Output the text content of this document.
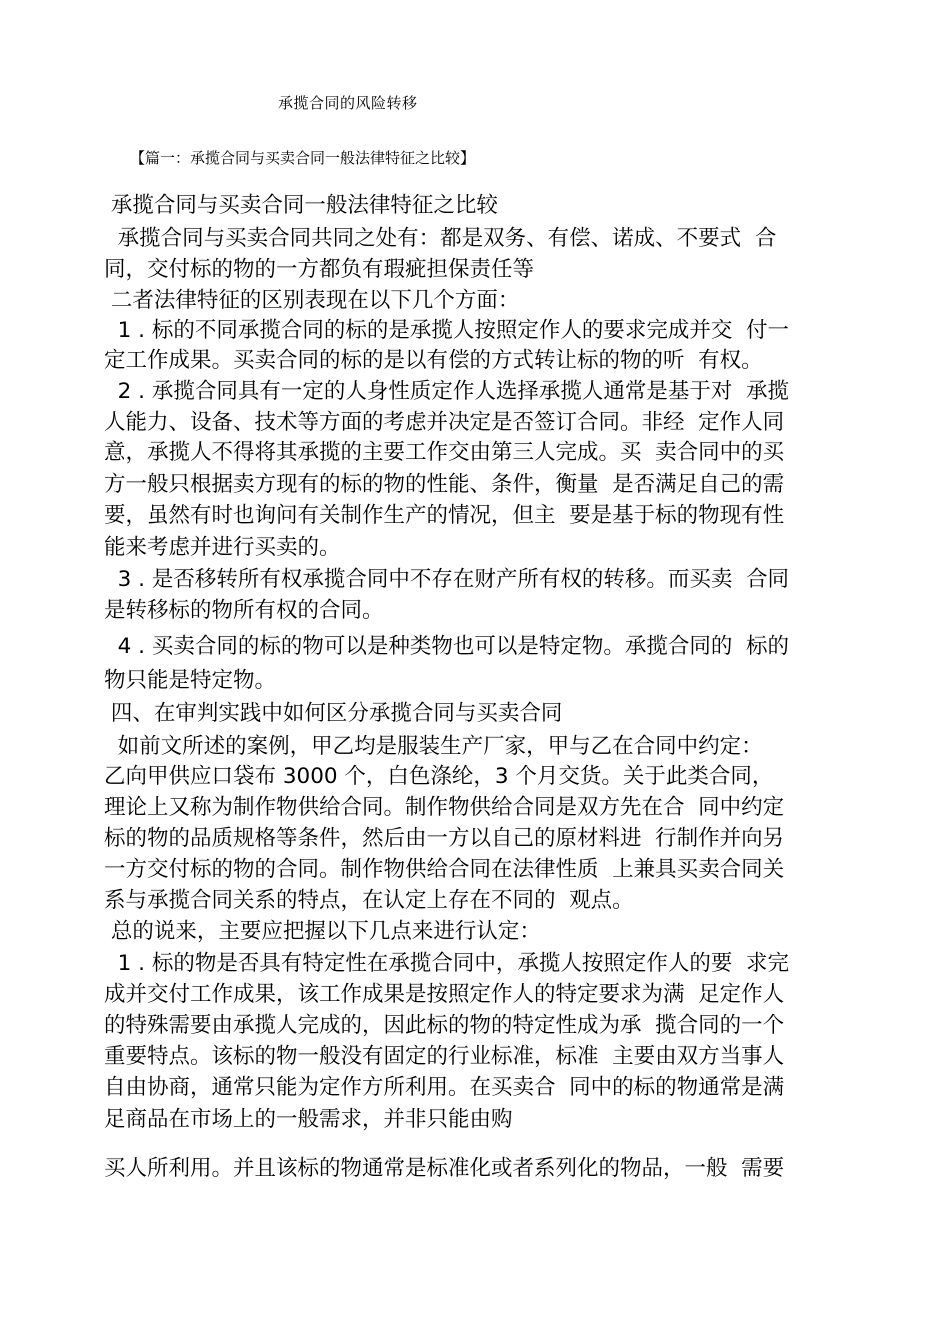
承揽合同的风险转移
【篇一：承揽合同与买卖合同一般法律特征之比较】
承揽合同与买卖合同一般法律特征之比较
承揽合同与买卖合同共同之处有：都是双务、有偿、诺成、不要式  合
同，交付标的物的一方都负有瑕疵担保责任等
二者法律特征的区别表现在以下几个方面：
1 . 标的不同承揽合同的标的是承揽人按照定作人的要求完成并交  付一
定工作成果。买卖合同的标的是以有偿的方式转让标的物的听  有权。
2 . 承揽合同具有一定的人身性质定作人选择承揽人通常是基于对  承揽
人能力、设备、技术等方面的考虑并决定是否签订合同。非经  定作人同
意，承揽人不得将其承揽的主要工作交由第三人完成。买  卖合同中的买
方一般只根据卖方现有的标的物的性能、条件，衡量  是否满足自己的需
要，虽然有时也询问有关制作生产的情况，但主  要是基于标的物现有性
能来考虑并进行买卖的。
3 . 是否移转所有权承揽合同中不存在财产所有权的转移。而买卖  合同
是转移标的物所有权的合同。
4 . 买卖合同的标的物可以是种类物也可以是特定物。承揽合同的  标的
物只能是特定物。
四、在审判实践中如何区分承揽合同与买卖合同
如前文所述的案例，甲乙均是服装生产厂家，甲与乙在合同中约定：
乙向甲供应口袋布 3000 个，白色涤纶，3 个月交货。关于此类合同，
理论上又称为制作物供给合同。制作物供给合同是双方先在合  同中约定
标的物的品质规格等条件，然后由一方以自己的原材料进  行制作并向另
一方交付标的物的合同。制作物供给合同在法律性质  上兼具买卖合同关
系与承揽合同关系的特点，在认定上存在不同的  观点。
总的说来，主要应把握以下几点来进行认定：
1 . 标的物是否具有特定性在承揽合同中，承揽人按照定作人的要  求完
成并交付工作成果，该工作成果是按照定作人的特定要求为满  足定作人
的特殊需要由承揽人完成的，因此标的物的特定性成为承  揽合同的一个
重要特点。该标的物一般没有固定的行业标准，标准  主要由双方当事人
自由协商，通常只能为定作方所利用。在买卖合  同中的标的物通常是满
足商品在市场上的一般需求，并非只能由购
买人所利用。并且该标的物通常是标准化或者系列化的物品，一般  需要
